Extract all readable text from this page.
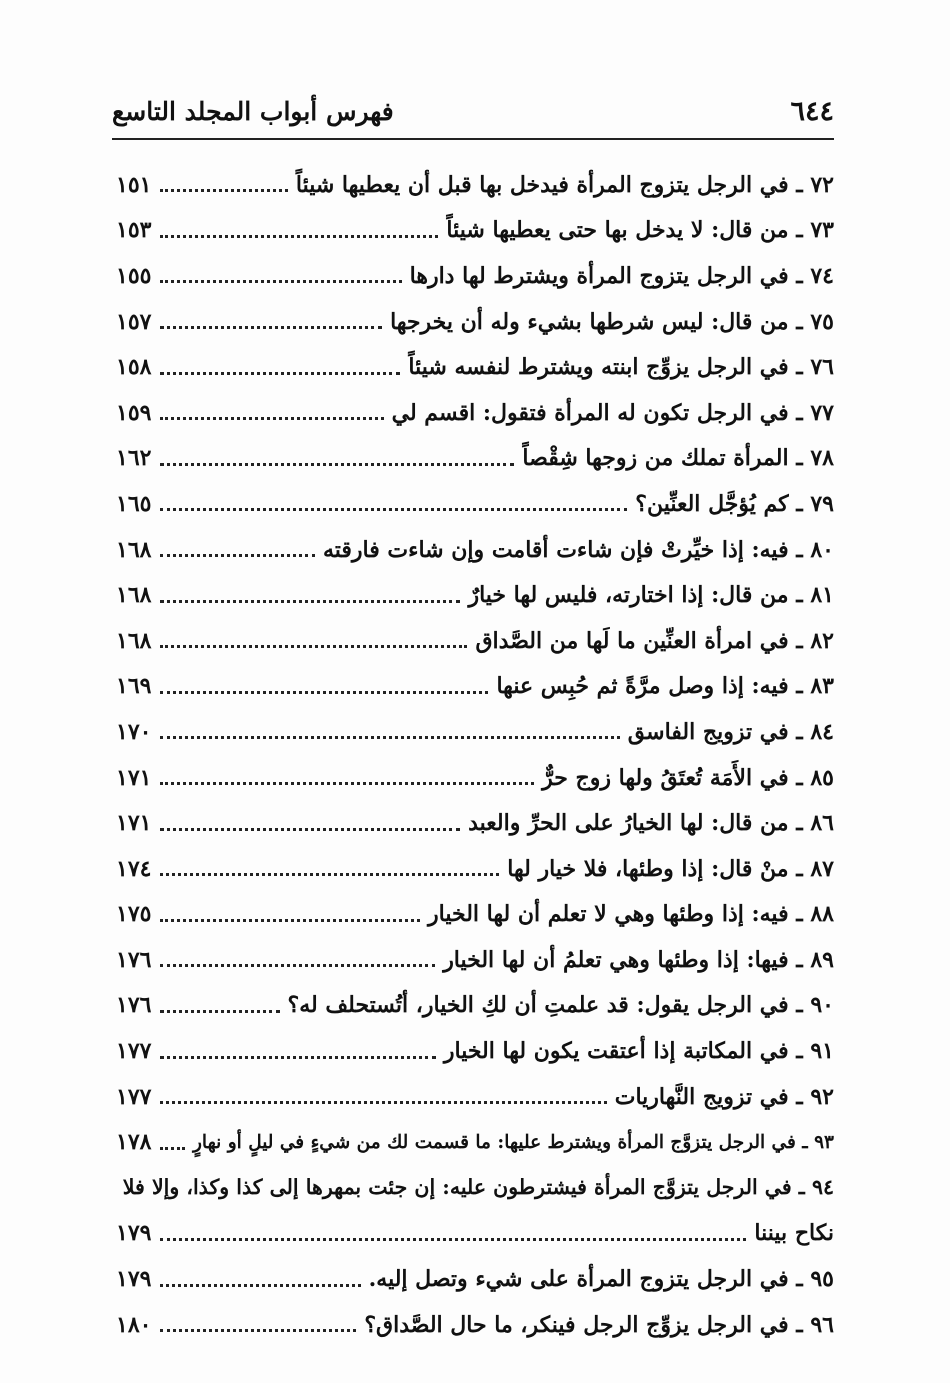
٦٤٤
فهرس أبواب المجلد التاسع
٧٢ ـ في الرجل يتزوج المرأة فيدخل بها قبل أن يعطيها شيئاً
١٥١
٧٣ ـ من قال: لا يدخل بها حتى يعطيها شيئاً
١٥٣
٧٤ ـ في الرجل يتزوج المرأة ويشترط لها دارها
١٥٥
٧٥ ـ من قال: ليس شرطها بشيء وله أن يخرجها
١٥٧
٧٦ ـ في الرجل يزوِّج ابنته ويشترط لنفسه شيئاً
١٥٨
٧٧ ـ في الرجل تكون له المرأة فتقول: اقسم لي
١٥٩
٧٨ ـ المرأة تملك من زوجها شِقْصاً
١٦٢
٧٩ ـ كم يُؤجَّل العنِّين؟
١٦٥
٨٠ ـ فيه: إذا خيِّرتْ فإن شاءت أقامت وإن شاءت فارقته
١٦٨
٨١ ـ من قال: إذا اختارته، فليس لها خيارٌ
١٦٨
٨٢ ـ في امرأة العنِّين ما لَها من الصَّداق
١٦٨
٨٣ ـ فيه: إذا وصل مرَّةً ثم حُبِس عنها
١٦٩
٨٤ ـ في تزويج الفاسق
١٧٠
٨٥ ـ في الأَمَة تُعتَقُ ولها زوج حرٌّ
١٧١
٨٦ ـ من قال: لها الخيارُ على الحرِّ والعبد
١٧١
٨٧ ـ منْ قال: إذا وطئها، فلا خيار لها
١٧٤
٨٨ ـ فيه: إذا وطئها وهي لا تعلم أن لها الخيار
١٧٥
٨٩ ـ فيها: إذا وطئها وهي تعلمُ أن لها الخيار
١٧٦
٩٠ ـ في الرجل يقول: قد علمتِ أن لكِ الخيار، أتُستحلف له؟
١٧٦
٩١ ـ في المكاتبة إذا أعتقت يكون لها الخيار
١٧٧
٩٢ ـ في تزويج النَّهاريات
١٧٧
٩٣ ـ في الرجل يتزوَّج المرأة ويشترط عليها: ما قسمت لك من شيءٍ في ليلٍ أو نهارٍ
١٧٨
٩٤ ـ في الرجل يتزوَّج المرأة فيشترطون عليه: إن جئت بمهرها إلى كذا وكذا، وإلا فلا
نكاح بيننا
١٧٩
٩٥ ـ في الرجل يتزوج المرأة على شيء وتصل إليه.
١٧٩
٩٦ ـ في الرجل يزوِّج الرجل فينكر، ما حال الصَّداق؟
١٨٠
